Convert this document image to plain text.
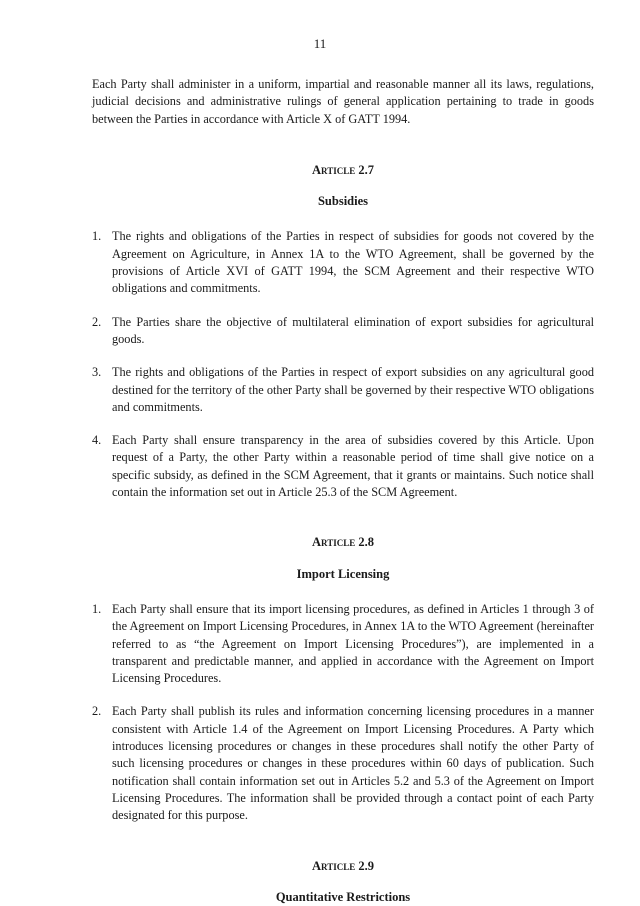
11

Each Party shall administer in a uniform, impartial and reasonable manner all its laws, regulations, judicial decisions and administrative rulings of general application pertaining to trade in goods between the Parties in accordance with Article X of GATT 1994.

Article 2.7

Subsidies

1. The rights and obligations of the Parties in respect of subsidies for goods not covered by the Agreement on Agriculture, in Annex 1A to the WTO Agreement, shall be governed by the provisions of Article XVI of GATT 1994, the SCM Agreement and their respective WTO obligations and commitments.
2. The Parties share the objective of multilateral elimination of export subsidies for agricultural goods.
3. The rights and obligations of the Parties in respect of export subsidies on any agricultural good destined for the territory of the other Party shall be governed by their respective WTO obligations and commitments.
4. Each Party shall ensure transparency in the area of subsidies covered by this Article. Upon request of a Party, the other Party within a reasonable period of time shall give notice on a specific subsidy, as defined in the SCM Agreement, that it grants or maintains. Such notice shall contain the information set out in Article 25.3 of the SCM Agreement.

Article 2.8

Import Licensing

1. Each Party shall ensure that its import licensing procedures, as defined in Articles 1 through 3 of the Agreement on Import Licensing Procedures, in Annex 1A to the WTO Agreement (hereinafter referred to as “the Agreement on Import Licensing Procedures”), are implemented in a transparent and predictable manner, and applied in accordance with the Agreement on Import Licensing Procedures.
2. Each Party shall publish its rules and information concerning licensing procedures in a manner consistent with Article 1.4 of the Agreement on Import Licensing Procedures. A Party which introduces licensing procedures or changes in these procedures shall notify the other Party of such licensing procedures or changes in these procedures within 60 days of publication. Such notification shall contain information set out in Articles 5.2 and 5.3 of the Agreement on Import Licensing Procedures. The information shall be provided through a contact point of each Party designated for this purpose.

Article 2.9

Quantitative Restrictions
